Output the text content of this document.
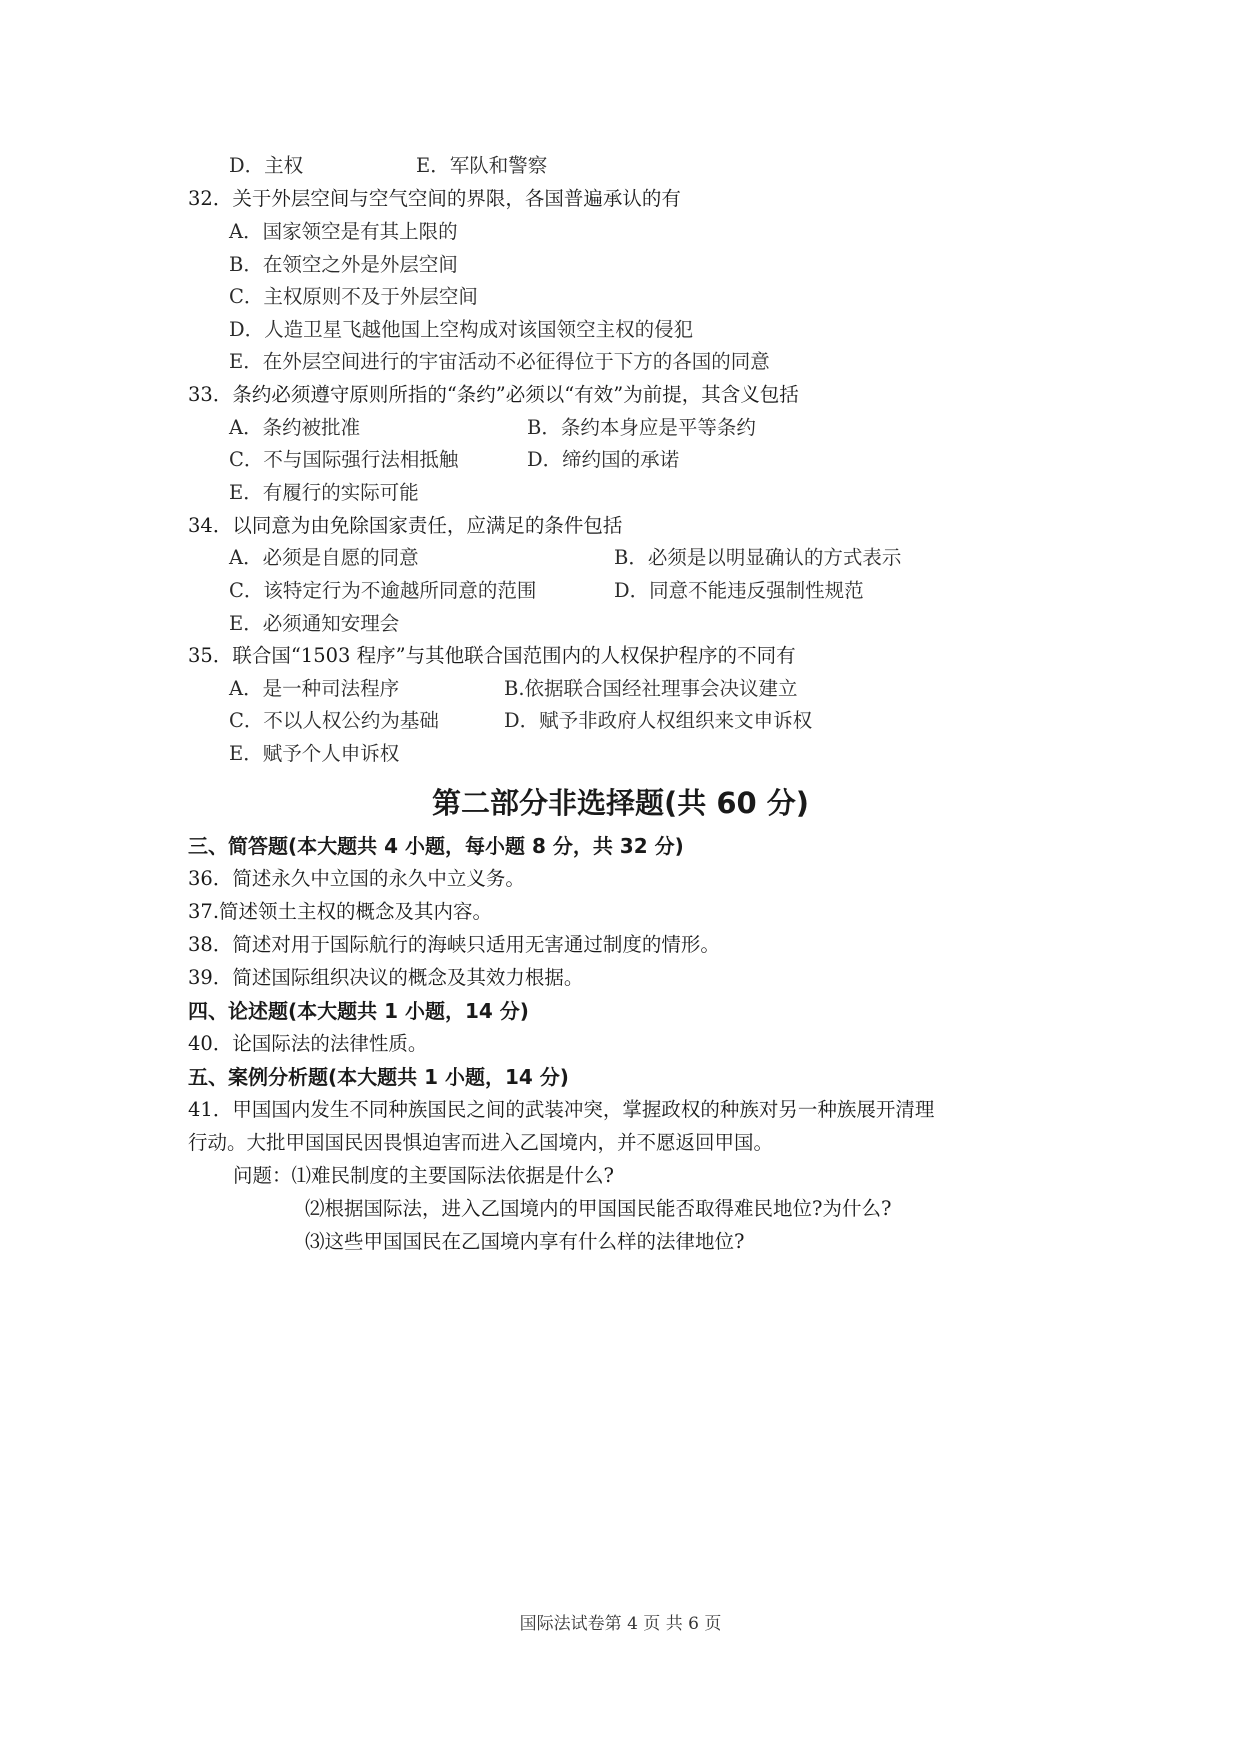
D．主权	E．军队和警察
32．关于外层空间与空气空间的界限，各国普遍承认的有
A．国家领空是有其上限的
B．在领空之外是外层空间
C．主权原则不及于外层空间
D．人造卫星飞越他国上空构成对该国领空主权的侵犯
E．在外层空间进行的宇宙活动不必征得位于下方的各国的同意
33．条约必须遵守原则所指的“条约”必须以“有效”为前提，其含义包括
A．条约被批准	B．条约本身应是平等条约
C．不与国际强行法相抵触	D．缔约国的承诺
E．有履行的实际可能
34．以同意为由免除国家责任，应满足的条件包括
A．必须是自愿的同意	B．必须是以明显确认的方式表示
C．该特定行为不逾越所同意的范围	D．同意不能违反强制性规范
E．必须通知安理会
35．联合国“1503 程序”与其他联合国范围内的人权保护程序的不同有
A．是一种司法程序	B.依据联合国经社理事会决议建立
C．不以人权公约为基础	D．赋予非政府人权组织来文申诉权
E．赋予个人申诉权
第二部分非选择题(共 60 分)
三、简答题(本大题共 4 小题，每小题 8 分，共 32 分)
36．简述永久中立国的永久中立义务。
37.简述领土主权的概念及其内容。
38．简述对用于国际航行的海峡只适用无害通过制度的情形。
39．简述国际组织决议的概念及其效力根据。
四、论述题(本大题共 1 小题，14 分)
40．论国际法的法律性质。
五、案例分析题(本大题共 1 小题，14 分)
41．甲国国内发生不同种族国民之间的武装冲突，掌握政权的种族对另一种族展开清理
行动。大批甲国国民因畏惧迫害而进入乙国境内，并不愿返回甲国。
问题：⑴难民制度的主要国际法依据是什么?
⑵根据国际法，进入乙国境内的甲国国民能否取得难民地位?为什么?
⑶这些甲国国民在乙国境内享有什么样的法律地位?
国际法试卷第 4 页 共 6 页
